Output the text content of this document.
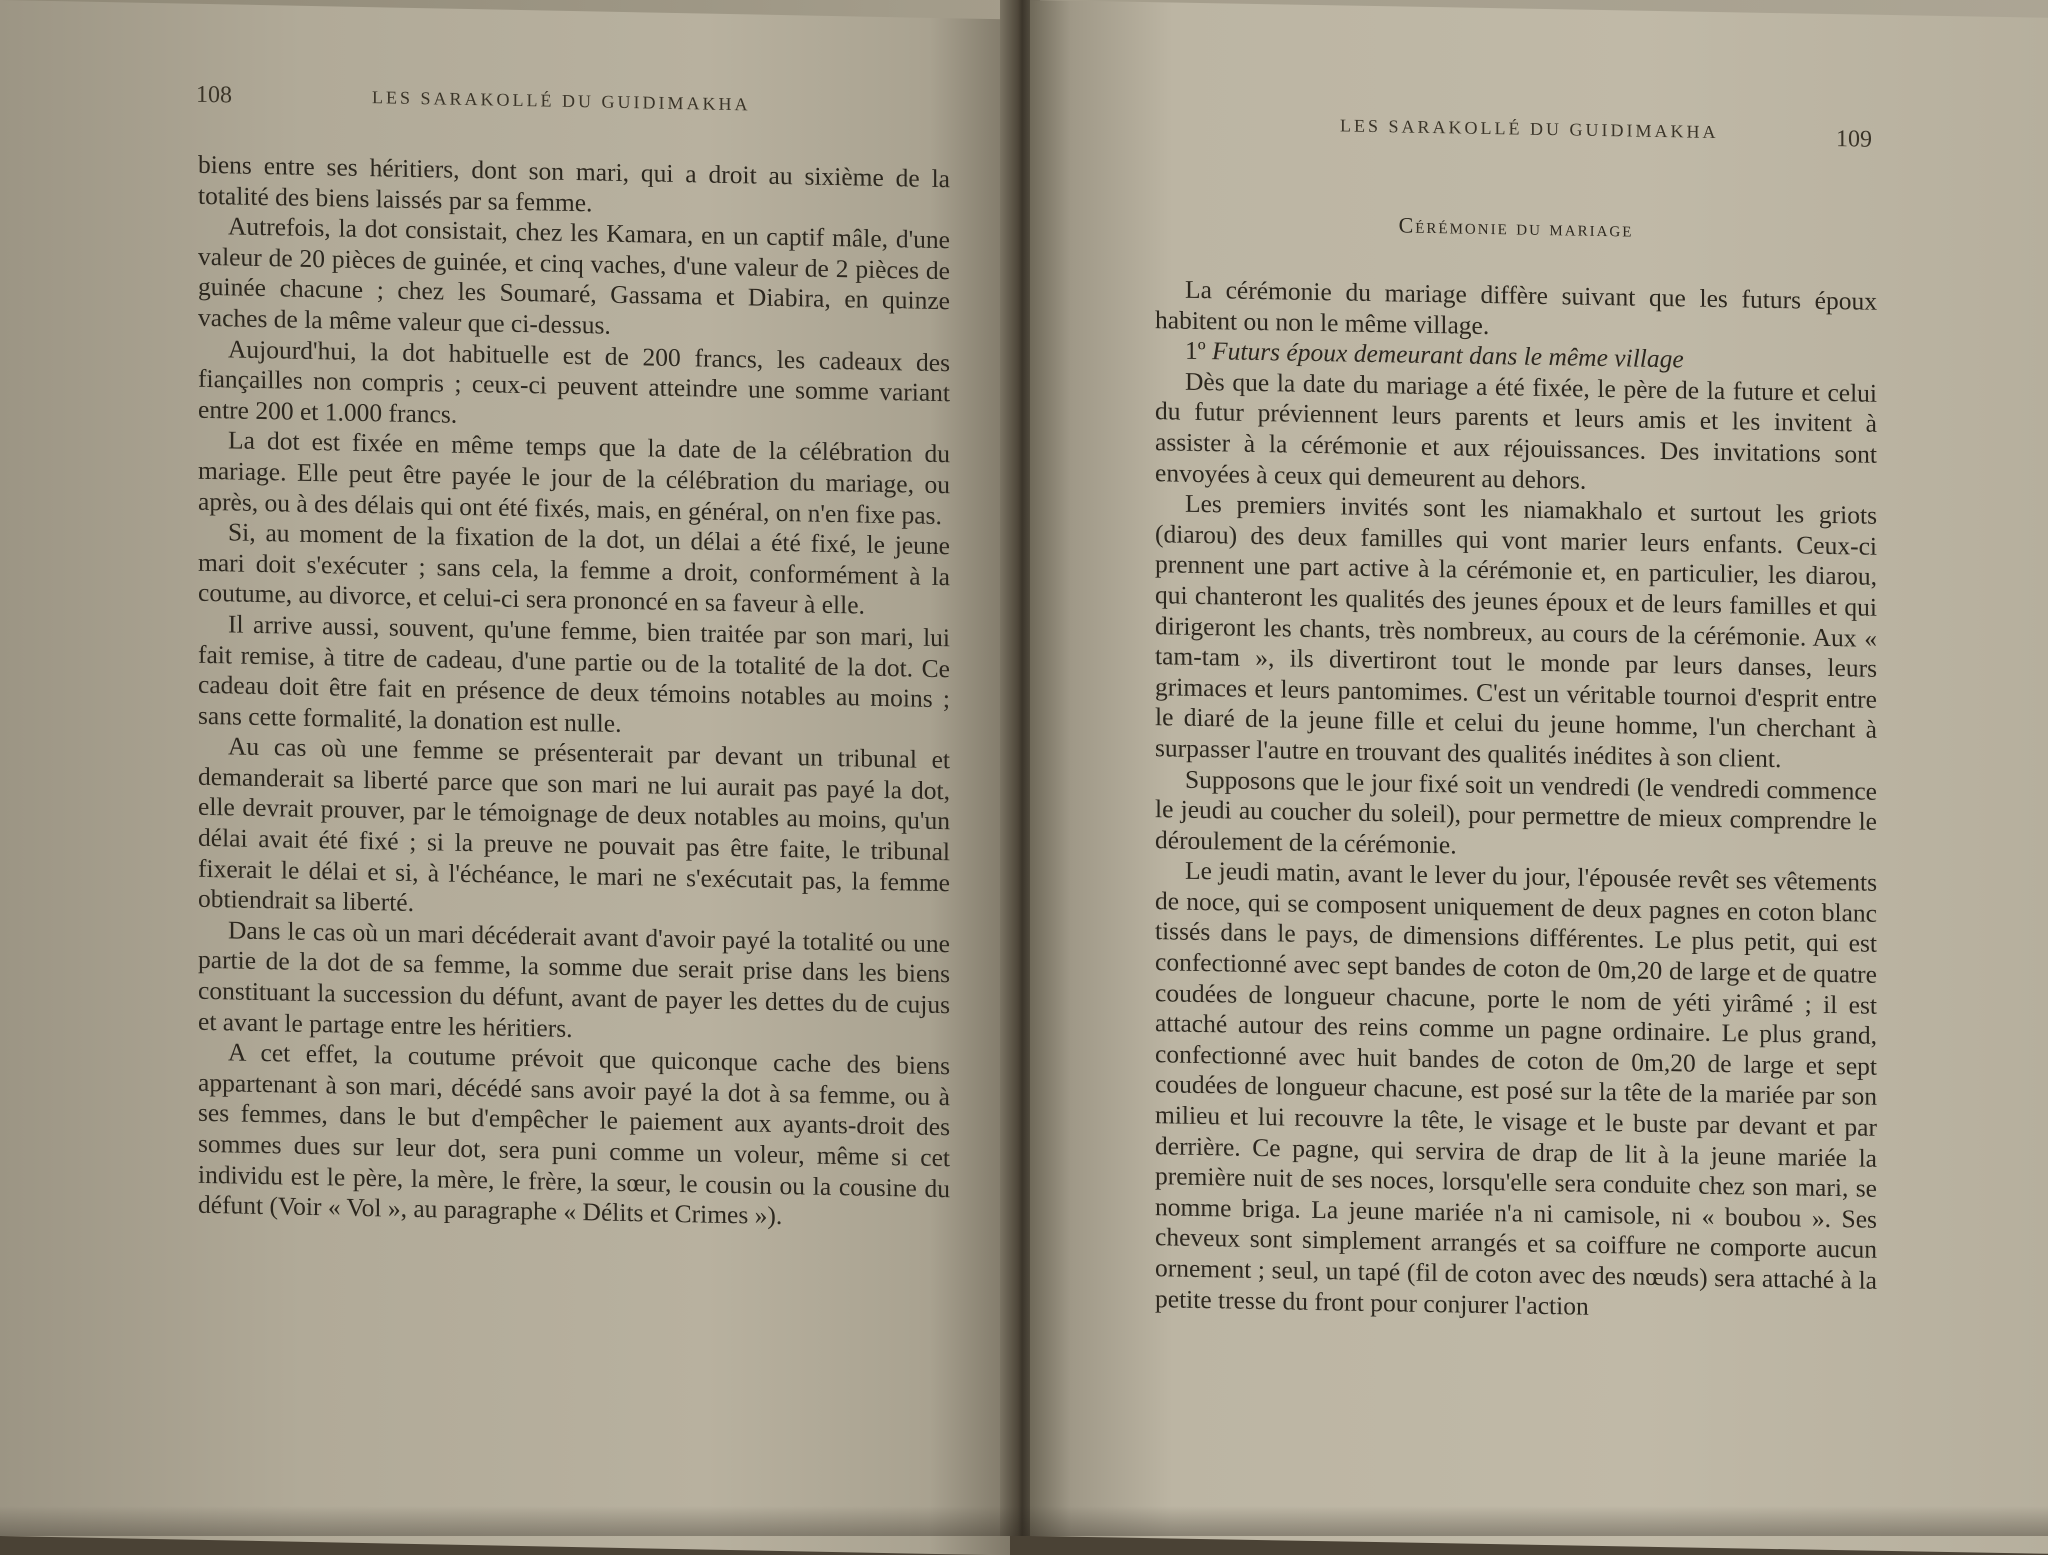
108	LES SARAKOLLÉ DU GUIDIMAKHA

biens entre ses héritiers, dont son mari, qui a droit au sixième de la totalité des biens laissés par sa femme.

Autrefois, la dot consistait, chez les Kamara, en un captif mâle, d'une valeur de 20 pièces de guinée, et cinq vaches, d'une valeur de 2 pièces de guinée chacune ; chez les Soumaré, Gassama et Diabira, en quinze vaches de la même valeur que ci-dessus.

Aujourd'hui, la dot habituelle est de 200 francs, les cadeaux des fiançailles non compris ; ceux-ci peuvent atteindre une somme variant entre 200 et 1.000 francs.

La dot est fixée en même temps que la date de la célébration du mariage. Elle peut être payée le jour de la célébration du mariage, ou après, ou à des délais qui ont été fixés, mais, en général, on n'en fixe pas.

Si, au moment de la fixation de la dot, un délai a été fixé, le jeune mari doit s'exécuter ; sans cela, la femme a droit, conformément à la coutume, au divorce, et celui-ci sera prononcé en sa faveur à elle.

Il arrive aussi, souvent, qu'une femme, bien traitée par son mari, lui fait remise, à titre de cadeau, d'une partie ou de la totalité de la dot. Ce cadeau doit être fait en présence de deux témoins notables au moins ; sans cette formalité, la donation est nulle.

Au cas où une femme se présenterait par devant un tribunal et demanderait sa liberté parce que son mari ne lui aurait pas payé la dot, elle devrait prouver, par le témoignage de deux notables au moins, qu'un délai avait été fixé ; si la preuve ne pouvait pas être faite, le tribunal fixerait le délai et si, à l'échéance, le mari ne s'exécutait pas, la femme obtiendrait sa liberté.

Dans le cas où un mari décéderait avant d'avoir payé la totalité ou une partie de la dot de sa femme, la somme due serait prise dans les biens constituant la succession du défunt, avant de payer les dettes du de cujus et avant le partage entre les héritiers.

A cet effet, la coutume prévoit que quiconque cache des biens appartenant à son mari, décédé sans avoir payé la dot à sa femme, ou à ses femmes, dans le but d'empêcher le paiement aux ayants-droit des sommes dues sur leur dot, sera puni comme un voleur, même si cet individu est le père, la mère, le frère, la sœur, le cousin ou la cousine du défunt (Voir « Vol », au paragraphe « Délits et Crimes »).

LES SARAKOLLÉ DU GUIDIMAKHA	109
Cérémonie du mariage

La cérémonie du mariage diffère suivant que les futurs époux habitent ou non le même village.

1º Futurs époux demeurant dans le même village

Dès que la date du mariage a été fixée, le père de la future et celui du futur préviennent leurs parents et leurs amis et les invitent à assister à la cérémonie et aux réjouissances. Des invitations sont envoyées à ceux qui demeurent au dehors.

Les premiers invités sont les niamakhalo et surtout les griots (diarou) des deux familles qui vont marier leurs enfants. Ceux-ci prennent une part active à la cérémonie et, en particulier, les diarou, qui chanteront les qualités des jeunes époux et de leurs familles et qui dirigeront les chants, très nombreux, au cours de la cérémonie. Aux « tam-tam », ils divertiront tout le monde par leurs danses, leurs grimaces et leurs pantomimes. C'est un véritable tournoi d'esprit entre le diaré de la jeune fille et celui du jeune homme, l'un cherchant à surpasser l'autre en trouvant des qualités inédites à son client.

Supposons que le jour fixé soit un vendredi (le vendredi commence le jeudi au coucher du soleil), pour permettre de mieux comprendre le déroulement de la cérémonie.

Le jeudi matin, avant le lever du jour, l'épousée revêt ses vêtements de noce, qui se composent uniquement de deux pagnes en coton blanc tissés dans le pays, de dimensions différentes. Le plus petit, qui est confectionné avec sept bandes de coton de 0m,20 de large et de quatre coudées de longueur chacune, porte le nom de yéti yirâmé ; il est attaché autour des reins comme un pagne ordinaire. Le plus grand, confectionné avec huit bandes de coton de 0m,20 de large et sept coudées de longueur chacune, est posé sur la tête de la mariée par son milieu et lui recouvre la tête, le visage et le buste par devant et par derrière. Ce pagne, qui servira de drap de lit à la jeune mariée la première nuit de ses noces, lorsqu'elle sera conduite chez son mari, se nomme briga. La jeune mariée n'a ni camisole, ni « boubou ». Ses cheveux sont simplement arrangés et sa coiffure ne comporte aucun ornement ; seul, un tapé (fil de coton avec des nœuds) sera attaché à la petite tresse du front pour conjurer l'action
